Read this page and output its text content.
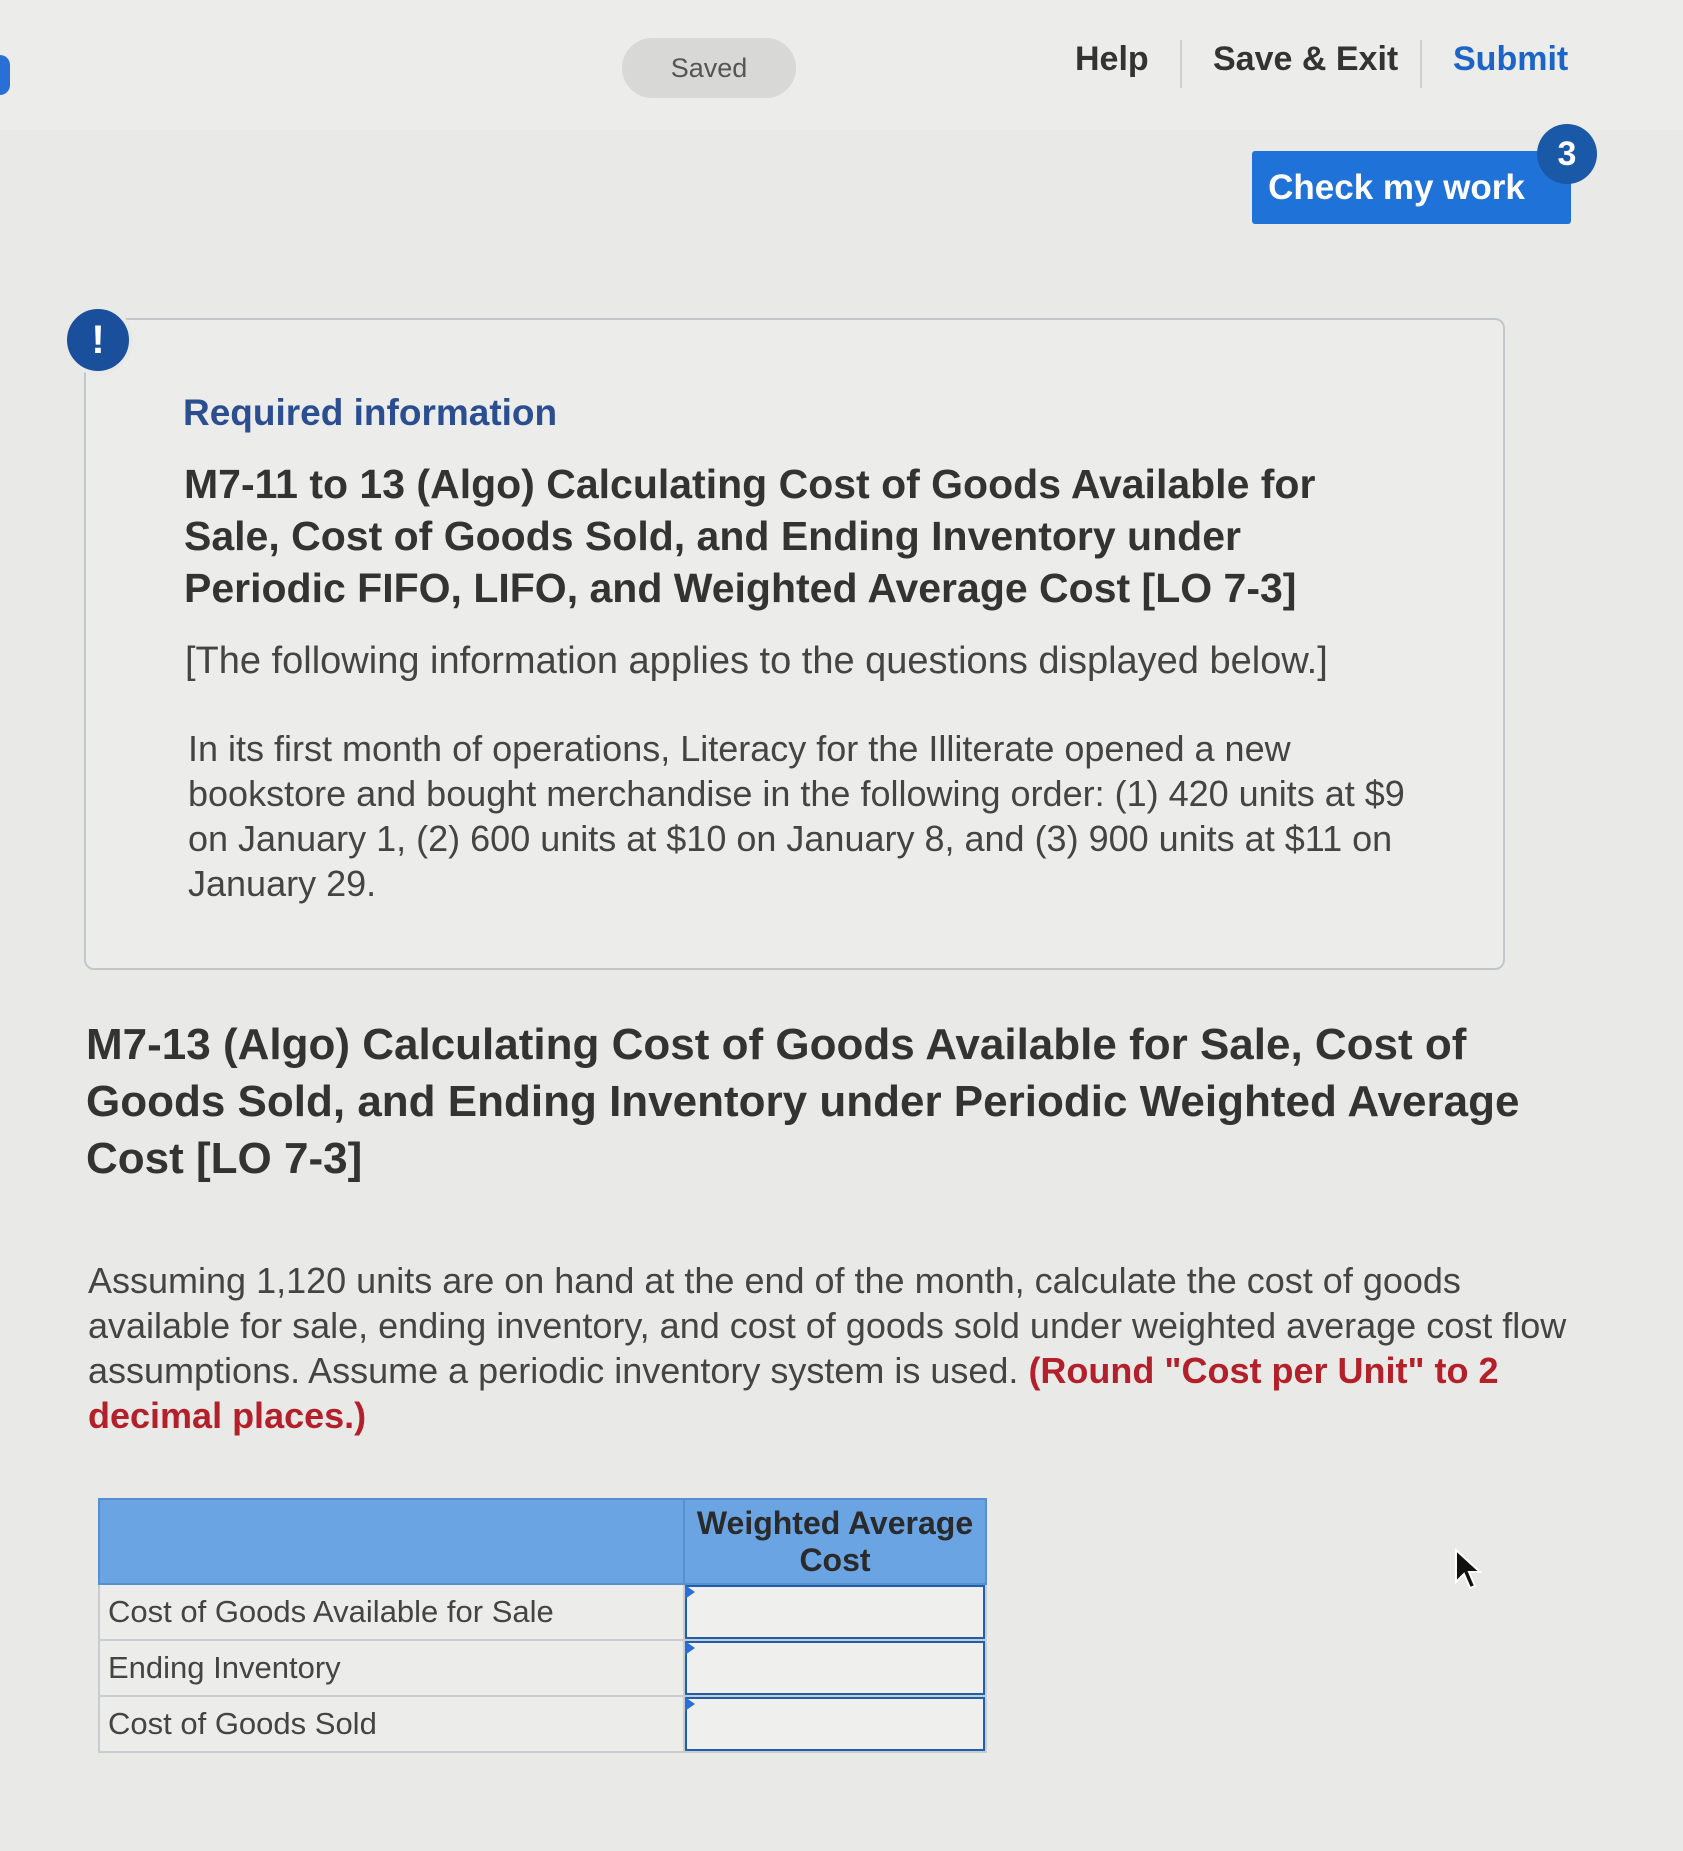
Saved	Help Save & Exit Submit
Check my work
3
!
Required information
M7-11 to 13 (Algo) Calculating Cost of Goods Available for Sale, Cost of Goods Sold, and Ending Inventory under Periodic FIFO, LIFO, and Weighted Average Cost [LO 7-3]
[The following information applies to the questions displayed below.]
In its first month of operations, Literacy for the Illiterate opened a new bookstore and bought merchandise in the following order: (1) 420 units at $9 on January 1, (2) 600 units at $10 on January 8, and (3) 900 units at $11 on January 29.
M7-13 (Algo) Calculating Cost of Goods Available for Sale, Cost of Goods Sold, and Ending Inventory under Periodic Weighted Average Cost [LO 7-3]
Assuming 1,120 units are on hand at the end of the month, calculate the cost of goods available for sale, ending inventory, and cost of goods sold under weighted average cost flow assumptions. Assume a periodic inventory system is used. (Round "Cost per Unit" to 2 decimal places.)
	Weighted Average Cost
Cost of Goods Available for Sale	

Ending Inventory	

Cost of Goods Sold	
